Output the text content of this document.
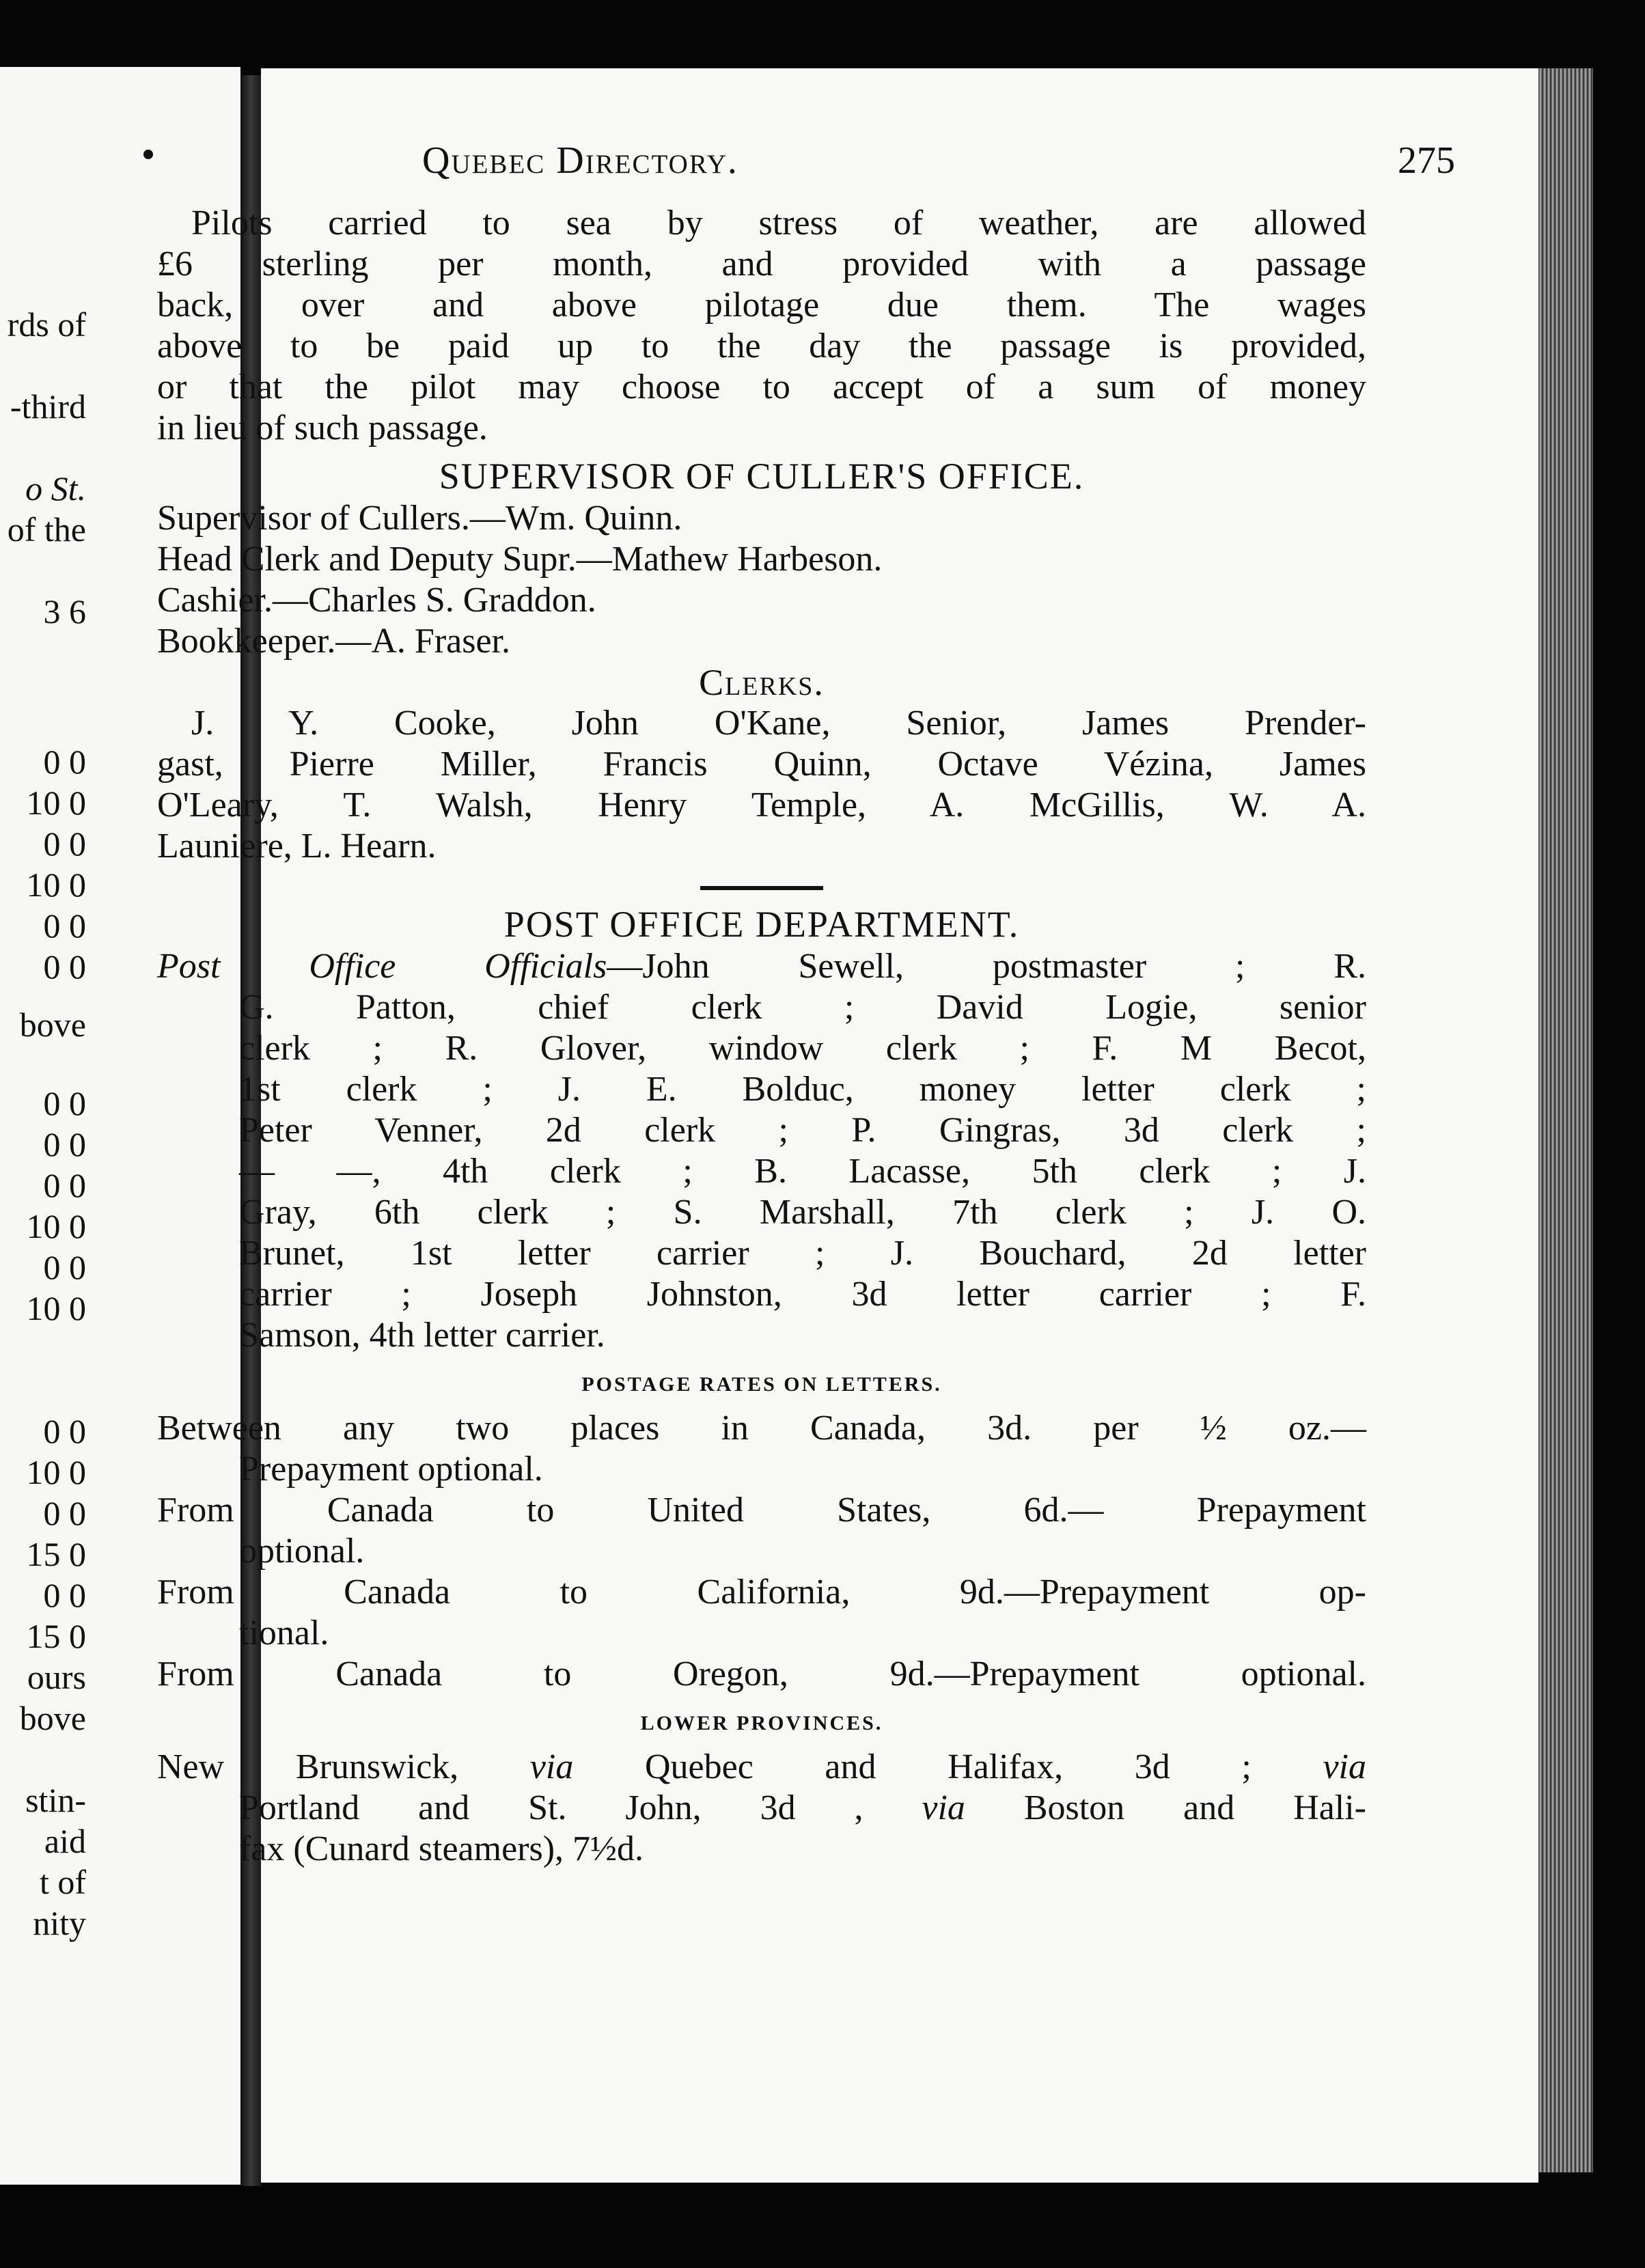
rds of
-third
o St.
of the
3 6
0 0
10 0
0 0
10 0
0 0
0 0
bove
0 0
0 0
0 0
10 0
0 0
10 0
0 0
10 0
0 0
15 0
0 0
15 0
ours
bove
stin-
aid
t of
nity
Quebec Directory.	275
Pilots carried to sea by stress of weather, are allowed
£6 sterling per month, and provided with a passage
back, over and above pilotage due them. The wages
above to be paid up to the day the passage is provided,
or that the pilot may choose to accept of a sum of money
in lieu of such passage.
SUPERVISOR OF CULLER'S OFFICE.
Supervisor of Cullers.—Wm. Quinn.
Head Clerk and Deputy Supr.—Mathew Harbeson.
Cashier.—Charles S. Graddon.
Bookkeeper.—A. Fraser.
Clerks.
J. Y. Cooke, John O'Kane, Senior, James Prender-
gast, Pierre Miller, Francis Quinn, Octave Vézina, James
O'Leary, T. Walsh, Henry Temple, A. McGillis, W. A.
Launiere, L. Hearn.
POST OFFICE DEPARTMENT.
Post Office Officials—John Sewell, postmaster ; R.
G. Patton, chief clerk ; David Logie, senior
clerk ; R. Glover, window clerk ; F. M Becot,
1st clerk ; J. E. Bolduc, money letter clerk ;
Peter Venner, 2d clerk ; P. Gingras, 3d clerk ;
— —, 4th clerk ; B. Lacasse, 5th clerk ; J.
Gray, 6th clerk ; S. Marshall, 7th clerk ; J. O.
Brunet, 1st letter carrier ; J. Bouchard, 2d letter
carrier ; Joseph Johnston, 3d letter carrier ; F.
Samson, 4th letter carrier.
POSTAGE RATES ON LETTERS.
Between any two places in Canada, 3d. per ½ oz.—
Prepayment optional.
From Canada to United States, 6d.— Prepayment
optional.
From Canada to California, 9d.—Prepayment op-
tional.
From Canada to Oregon, 9d.—Prepayment optional.
LOWER PROVINCES.
New Brunswick, via Quebec and Halifax, 3d ; via
Portland and St. John, 3d , via Boston and Hali-
fax (Cunard steamers), 7½d.
